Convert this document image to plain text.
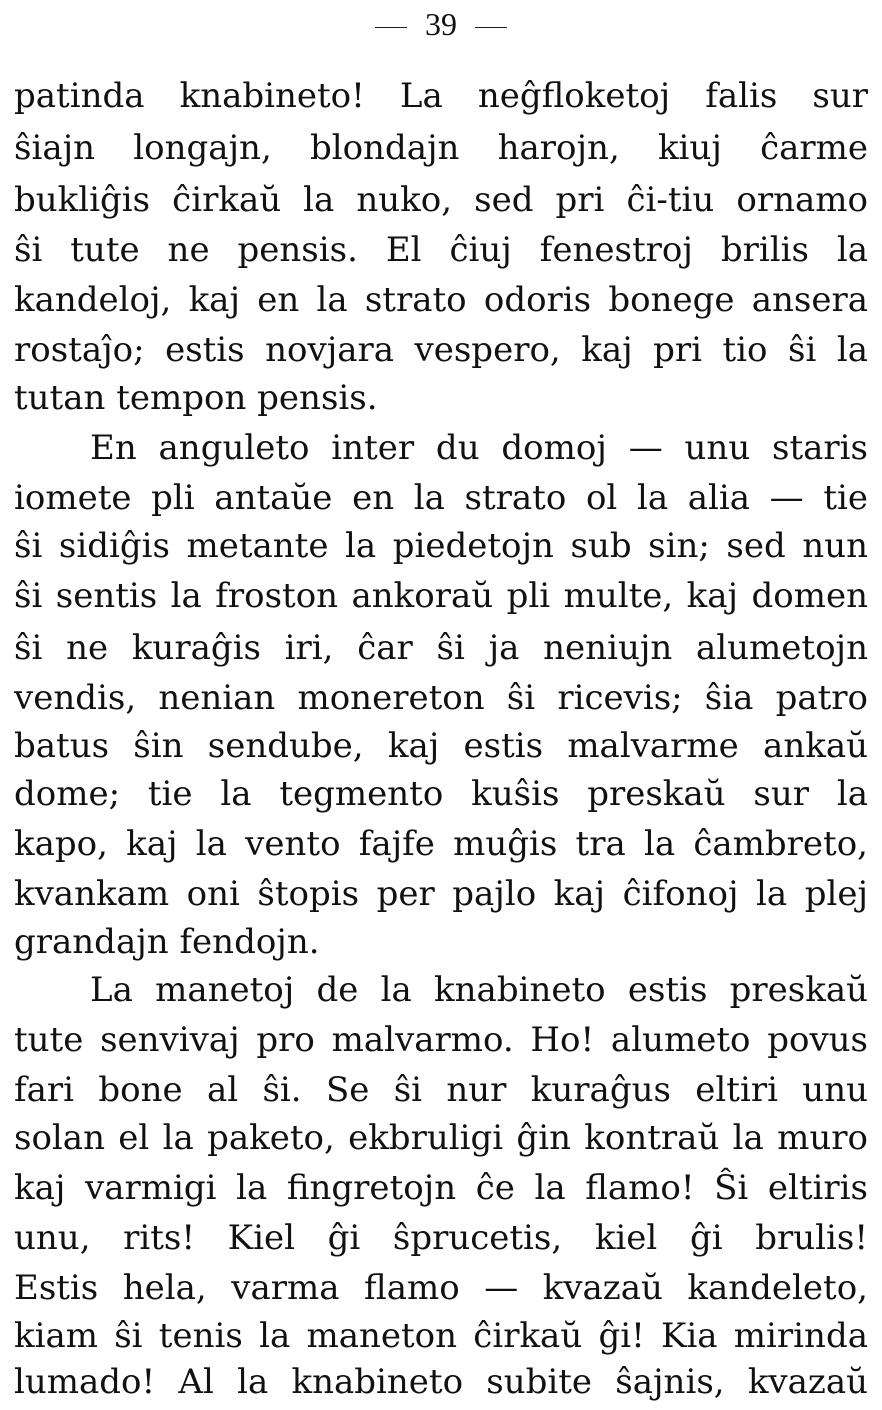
39
patinda knabineto! La neĝfloketoj falis sur
ŝiajn longajn, blondajn harojn, kiuj ĉarme
bukliĝis ĉirkaŭ la nuko, sed pri ĉi-tiu ornamo
ŝi tute ne pensis. El ĉiuj fenestroj brilis la
kandeloj, kaj en la strato odoris bonege ansera
rostaĵo; estis novjara vespero, kaj pri tio ŝi la
tutan tempon pensis.
En anguleto inter du domoj — unu staris
iomete pli antaŭe en la strato ol la alia — tie
ŝi sidiĝis metante la piedetojn sub sin; sed nun
ŝi sentis la froston ankoraŭ pli multe, kaj domen
ŝi ne kuraĝis iri, ĉar ŝi ja neniujn alumetojn
vendis, nenian monereton ŝi ricevis; ŝia patro
batus ŝin sendube, kaj estis malvarme ankaŭ
dome; tie la tegmento kuŝis preskaŭ sur la
kapo, kaj la vento fajfe muĝis tra la ĉambreto,
kvankam oni ŝtopis per pajlo kaj ĉifonoj la plej
grandajn fendojn.
La manetoj de la knabineto estis preskaŭ
tute senvivaj pro malvarmo. Ho! alumeto povus
fari bone al ŝi. Se ŝi nur kuraĝus eltiri unu
solan el la paketo, ekbruligi ĝin kontraŭ la muro
kaj varmigi la fingretojn ĉe la flamo! Ŝi eltiris
unu, rits! Kiel ĝi ŝprucetis, kiel ĝi brulis!
Estis hela, varma flamo — kvazaŭ kandeleto,
kiam ŝi tenis la maneton ĉirkaŭ ĝi! Kia mirinda
lumado! Al la knabineto subite ŝajnis, kvazaŭ
